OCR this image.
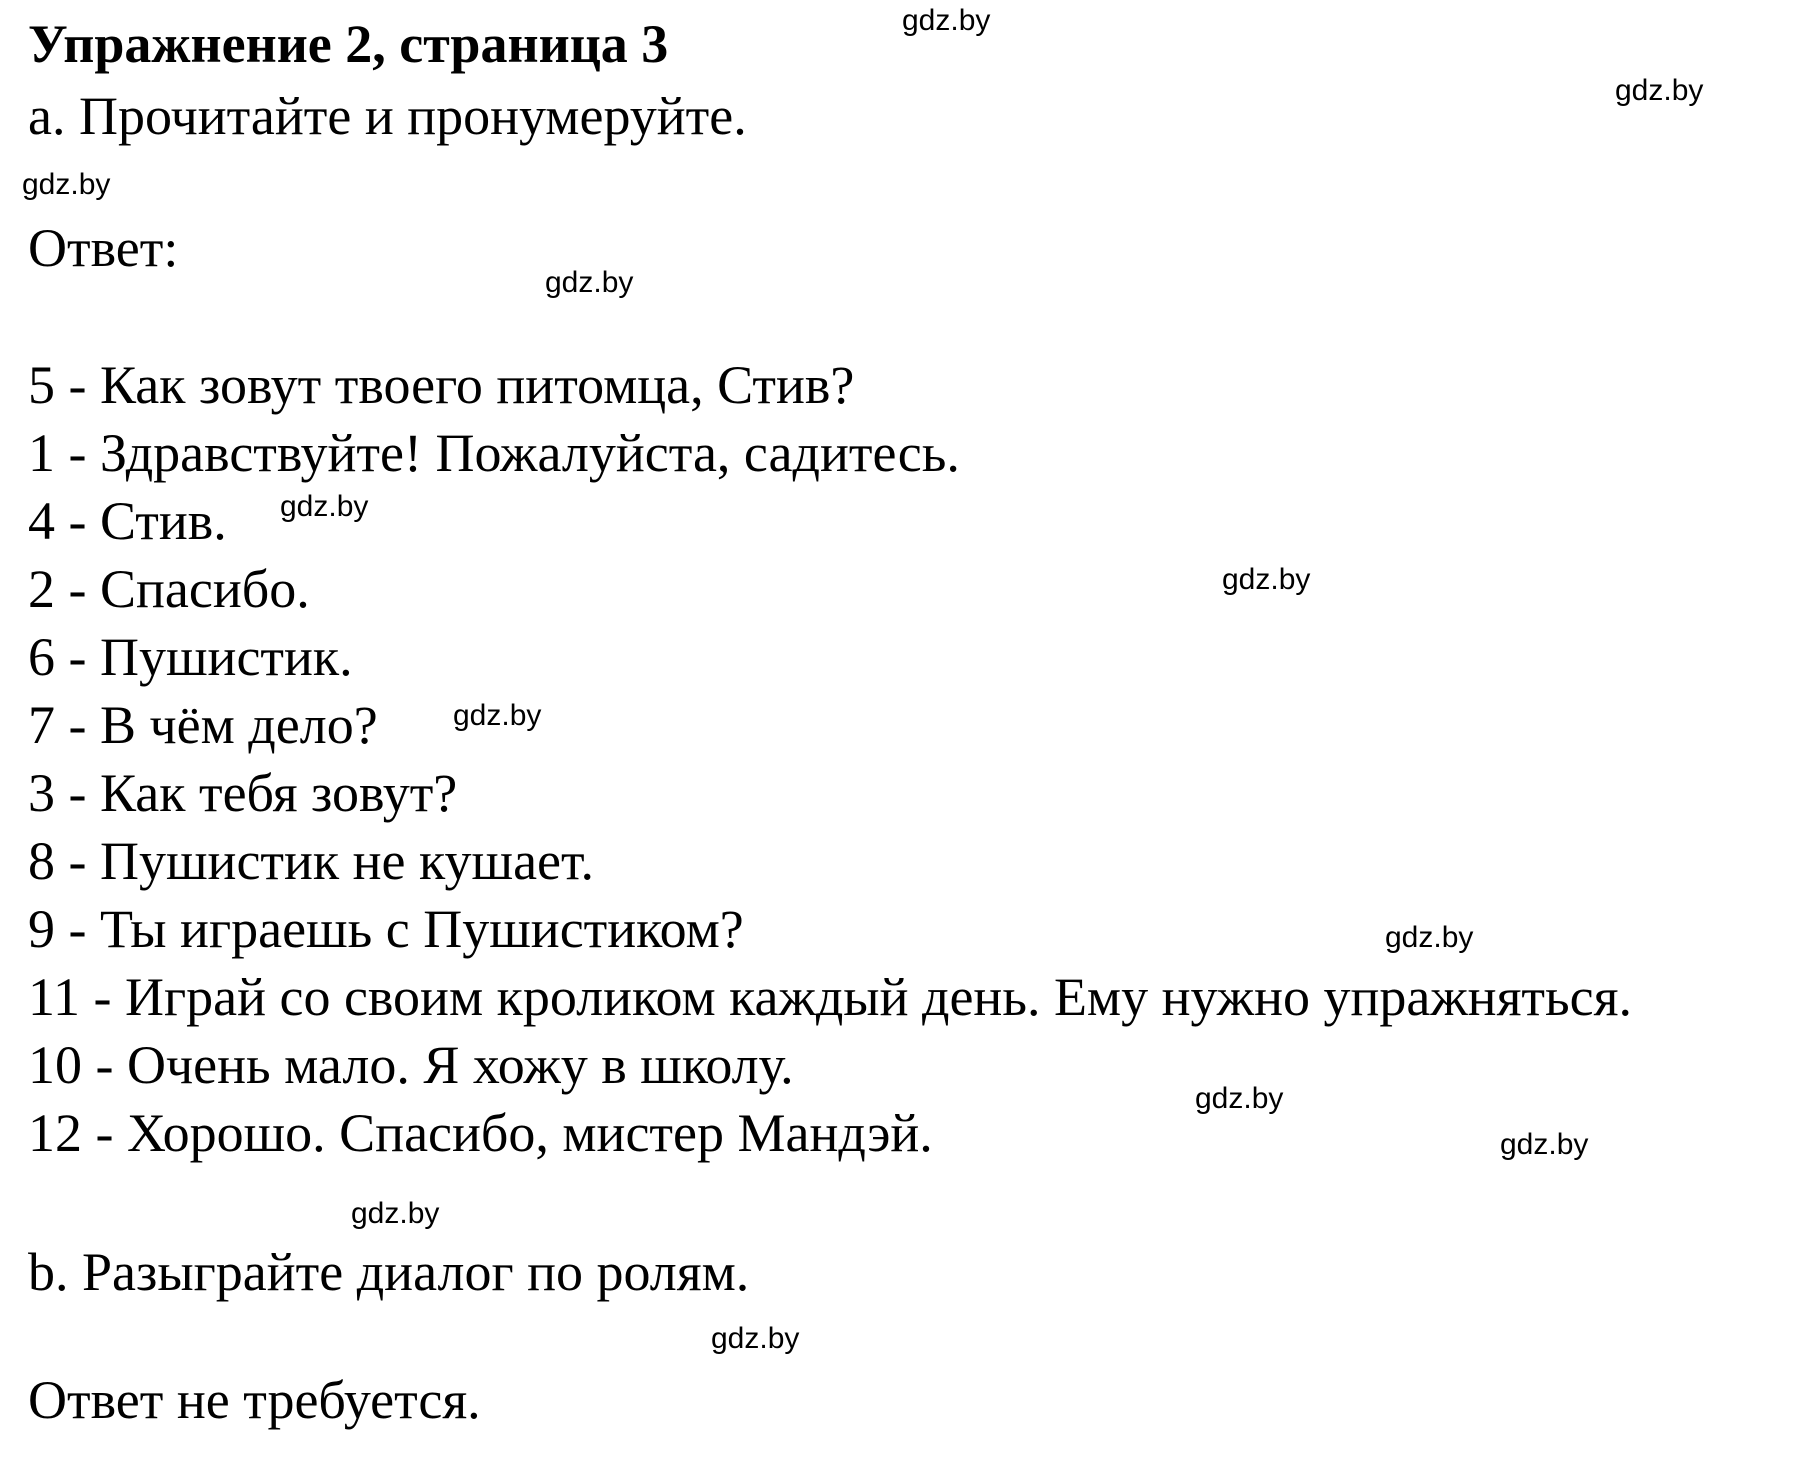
Упражнение 2, страница 3

a. Прочитайте и пронумеруйте.

Ответ:

5 - Как зовут твоего питомца, Стив?

1 - Здравствуйте! Пожалуйста, садитесь.

4 - Стив.

2 - Спасибо.

6 - Пушистик.

7 - В чём дело?

3 - Как тебя зовут?

8 - Пушистик не кушает.

9 - Ты играешь с Пушистиком?

11 - Играй со своим кроликом каждый день. Ему нужно упражняться.

10 - Очень мало. Я хожу в школу.

12 - Хорошо. Спасибо, мистер Мандэй.

b. Разыграйте диалог по ролям.

Ответ не требуется.

gdz.by
gdz.by
gdz.by
gdz.by
gdz.by
gdz.by
gdz.by
gdz.by
gdz.by
gdz.by
gdz.by
gdz.by
